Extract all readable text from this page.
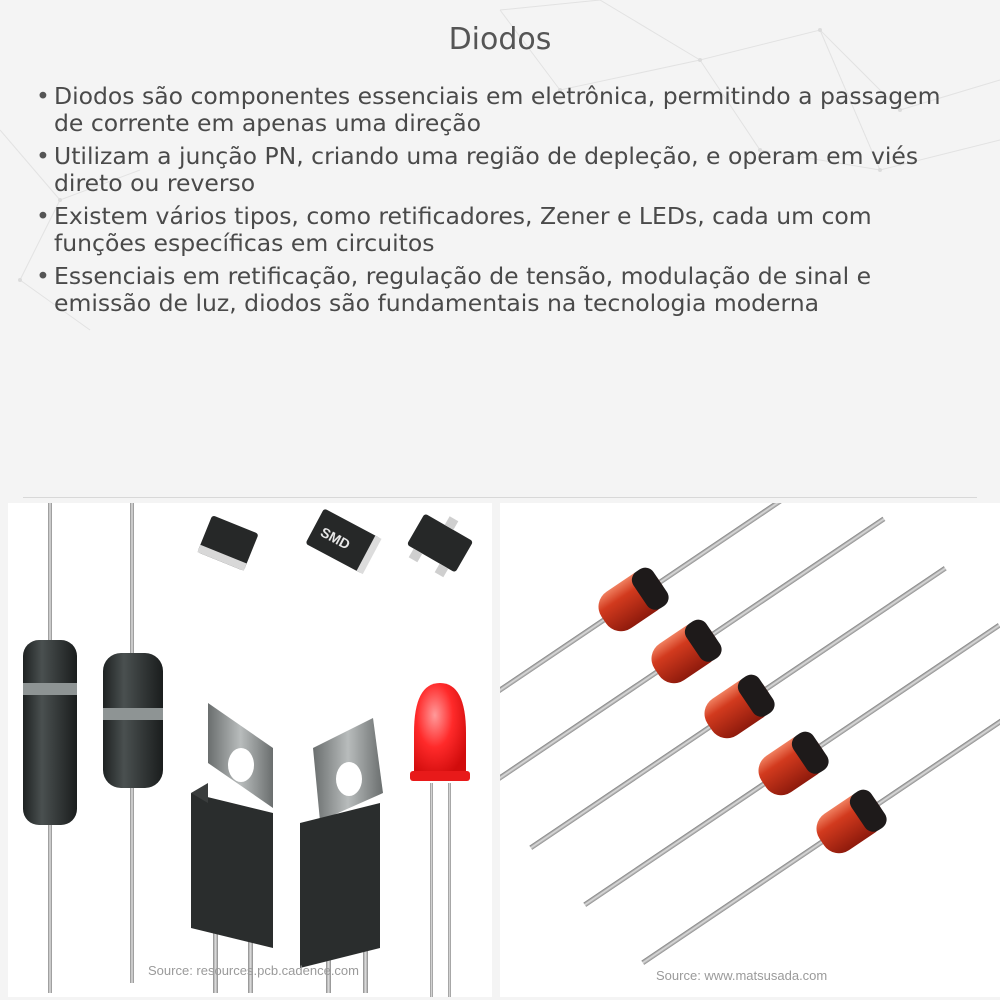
Diodos
• Diodos são componentes essenciais em eletrônica, permitindo a passagem de corrente em apenas uma direção
• Utilizam a junção PN, criando uma região de depleção, e operam em viés direto ou reverso
• Existem vários tipos, como retificadores, Zener e LEDs, cada um com funções específicas em circuitos
• Essenciais em retificação, regulação de tensão, modulação de sinal e emissão de luz, diodos são fundamentais na tecnologia moderna
SMD
Source: resources.pcb.cadence.com	Source: www.matsusada.com
